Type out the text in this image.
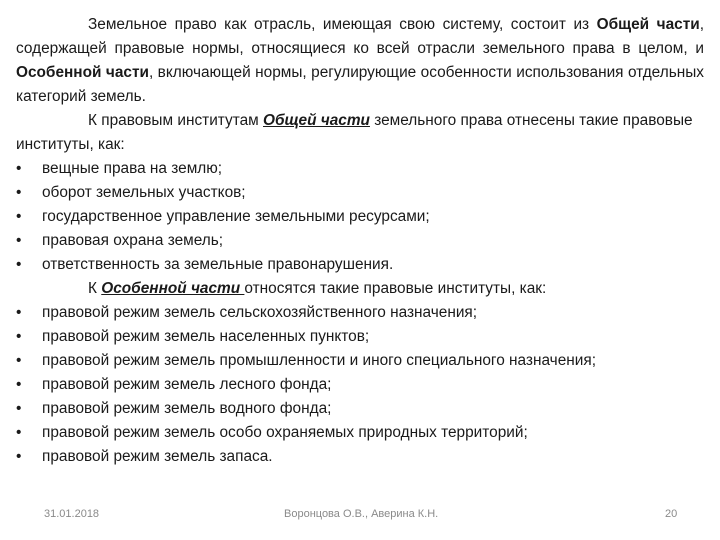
Земельное право как отрасль, имеющая свою систему, состоит из Общей части, содержащей правовые нормы, относящиеся ко всей отрасли земельного права в целом, и Особенной части, включающей нормы, регулирующие особенности использования отдельных категорий земель.

К правовым институтам Общей части земельного права отнесены такие правовые институты, как:

•	вещные права на землю;
•	оборот земельных участков;
•	государственное управление земельными ресурсами;
•	правовая охрана земель;
•	ответственность за земельные правонарушения.

К Особенной части относятся такие правовые институты, как:

•	правовой режим земель сельскохозяйственного назначения;
•	правовой режим земель населенных пунктов;
•	правовой режим земель промышленности и иного специального назначения;
•	правовой режим земель лесного фонда;
•	правовой режим земель водного фонда;
•	правовой режим земель особо охраняемых природных территорий;
•	правовой режим земель запаса.
31.01.2018	Воронцова О.В., Аверина К.Н.	20
